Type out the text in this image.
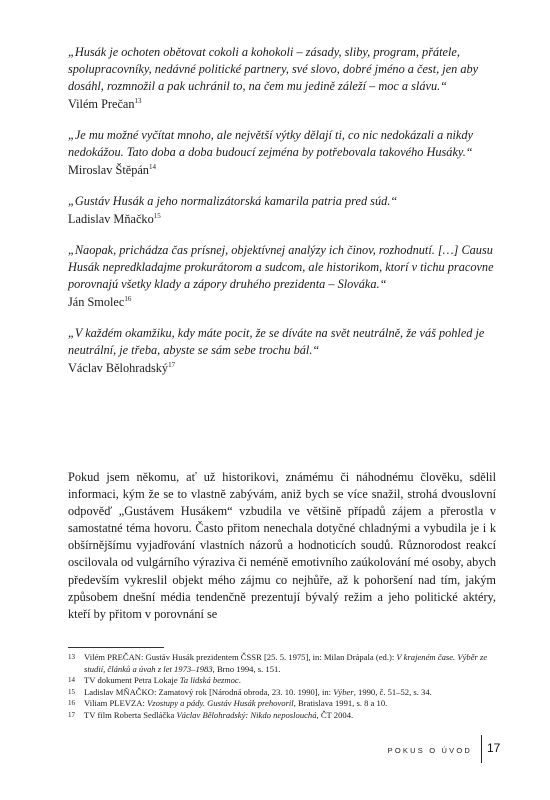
„Husák je ochoten obětovat cokoli a kohokoli – zásady, sliby, program, přátele, spolupracovníky, nedávné politické partnery, své slovo, dobré jméno a čest, jen aby dosáhl, rozmnožil a pak uchránil to, na čem mu jedině záleží – moc a slávu.“

Vilém Prečan$^{13}$

„Je mu možné vyčítat mnoho, ale největší výtky dělají ti, co nic nedokázali a nikdy nedokážou. Tato doba a doba budoucí zejména by potřebovala takového Husáky.“

Miroslav Štěpán$^{14}$

„Gustáv Husák a jeho normalizátorská kamarila patria pred súd.“

Ladislav Mňačko$^{15}$

„Naopak, prichádza čas prísnej, objektívnej analýzy ich činov, rozhodnutí. […] Causu Husák nepredkladajme prokurátorom a sudcom, ale historikom, ktorí v tichu pracovne porovnajú všetky klady a zápory druhého prezidenta – Slováka.“

Ján Smolec$^{16}$

„V každém okamžiku, kdy máte pocit, že se díváte na svět neutrálně, že váš pohled je neutrální, je třeba, abyste se sám sebe trochu bál.“

Václav Bělohradský$^{17}$

Pokud jsem někomu, ať už historikovi, známému či náhodnému člověku, sdělil informaci, kým že se to vlastně zabývám, aniž bych se více snažil, strohá dvouslovní odpověď „Gustávem Husákem“ vzbudila ve většině případů zájem a přerostla v samostatné téma hovoru. Často přitom nenechala dotyčné chladnými a vybudila je i k obšírnějšímu vyjadřování vlastních názorů a hodnoticích soudů. Různorodost reakcí oscilovala od vulgárního výraziva či neméně emotivního zaúkolování mé osoby, abych především vykreslil objekt mého zájmu co nejhůře, až k pohoršení nad tím, jakým způsobem dnešní média tendenčně prezentují bývalý režim a jeho politické aktéry, kteří by přitom v porovnání se

13	Vilém PREČAN: Gustáv Husák prezidentem ČSSR [25. 5. 1975], in: Milan Drápala (ed.): V krajeném čase. Výběr ze studií, článků a úvah z let 1973–1983, Brno 1994, s. 151.

14	TV dokument Petra Lokaje Ta lidská bezmoc.

15	Ladislav MŇAČKO: Zamatový rok [Národná obroda, 23. 10. 1990], in: Výber, 1990, č. 51–52, s. 34.

16	Viliam PLEVZA: Vzostupy a pády. Gustáv Husák prehovoril, Bratislava 1991, s. 8 a 10.

17	TV film Roberta Sedláčka Václav Bělohradský: Nikdo neposlouchá, ČT 2004.

POKUS O ÚVOD 17
